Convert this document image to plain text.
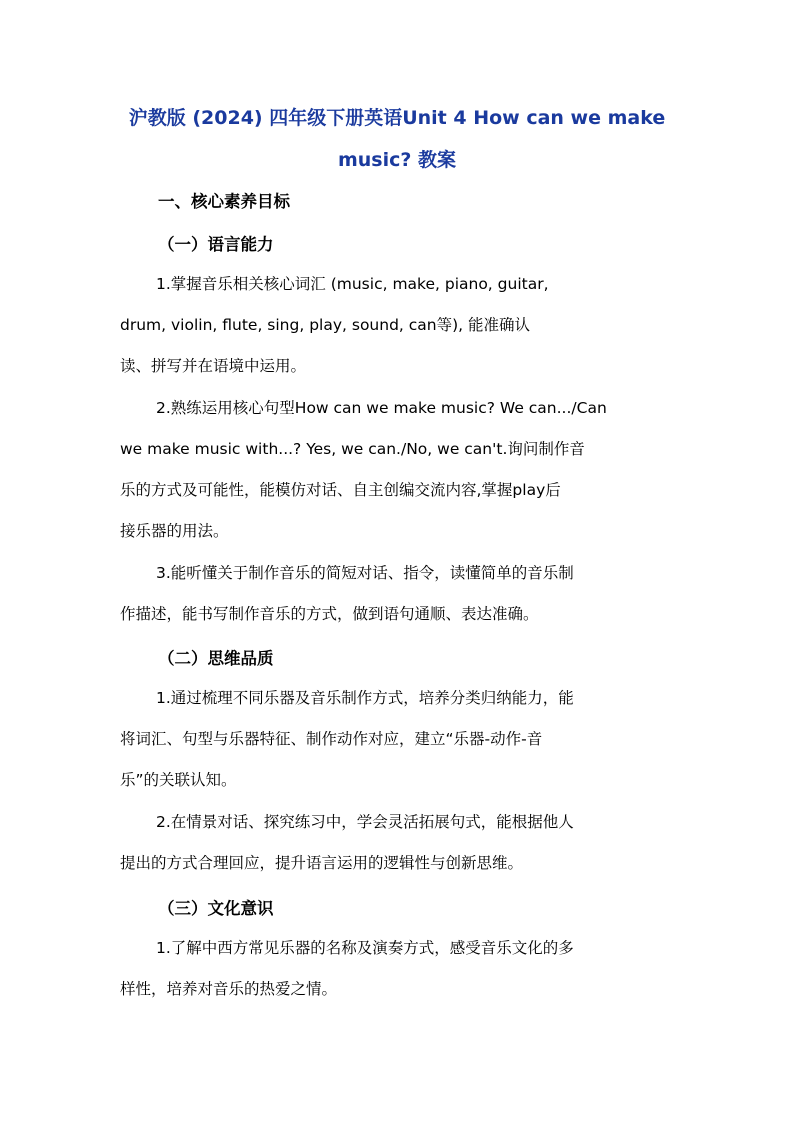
沪教版 (2024) 四年级下册英语Unit 4 How can we make
music? 教案
一、核心素养目标
（一）语言能力
1.掌握音乐相关核心词汇 (music, make, piano, guitar,
drum, violin, flute, sing, play, sound, can等), 能准确认
读、拼写并在语境中运用。
2.熟练运用核心句型How can we make music? We can.../Can
we make music with...? Yes, we can./No, we can't.询问制作音
乐的方式及可能性，能模仿对话、自主创编交流内容,掌握play后
接乐器的用法。
3.能听懂关于制作音乐的简短对话、指令，读懂简单的音乐制
作描述，能书写制作音乐的方式，做到语句通顺、表达准确。
（二）思维品质
1.通过梳理不同乐器及音乐制作方式，培养分类归纳能力，能
将词汇、句型与乐器特征、制作动作对应，建立“乐器-动作-音
乐”的关联认知。
2.在情景对话、探究练习中，学会灵活拓展句式，能根据他人
提出的方式合理回应，提升语言运用的逻辑性与创新思维。
（三）文化意识
1.了解中西方常见乐器的名称及演奏方式，感受音乐文化的多
样性，培养对音乐的热爱之情。
